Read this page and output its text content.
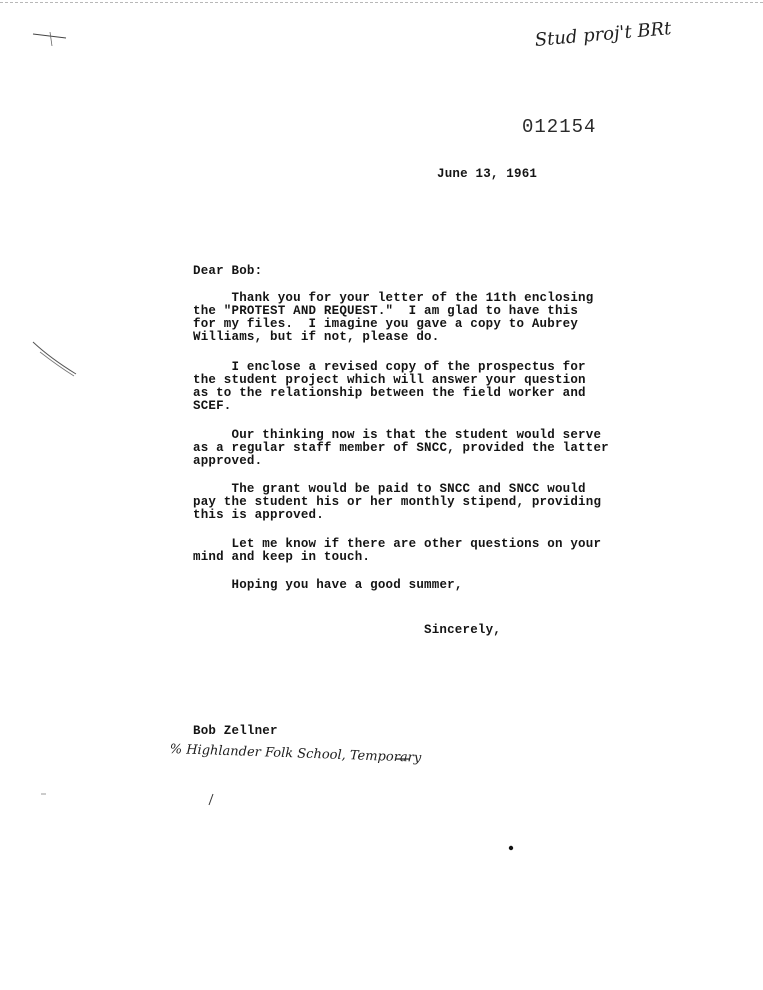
Stud proj't BRt
012154
June 13, 1961
Dear Bob:
Thank you for your letter of the 11th enclosing
the "PROTEST AND REQUEST."  I am glad to have this
for my files.  I imagine you gave a copy to Aubrey
Williams, but if not, please do.
I enclose a revised copy of the prospectus for
the student project which will answer your question
as to the relationship between the field worker and
SCEF.
Our thinking now is that the student would serve
as a regular staff member of SNCC, provided the latter
approved.
The grant would be paid to SNCC and SNCC would
pay the student his or her monthly stipend, providing
this is approved.
Let me know if there are other questions on your
mind and keep in touch.
Hoping you have a good summer,
Sincerely,
Bob Zellner
% Highlander Folk School, Temporary
